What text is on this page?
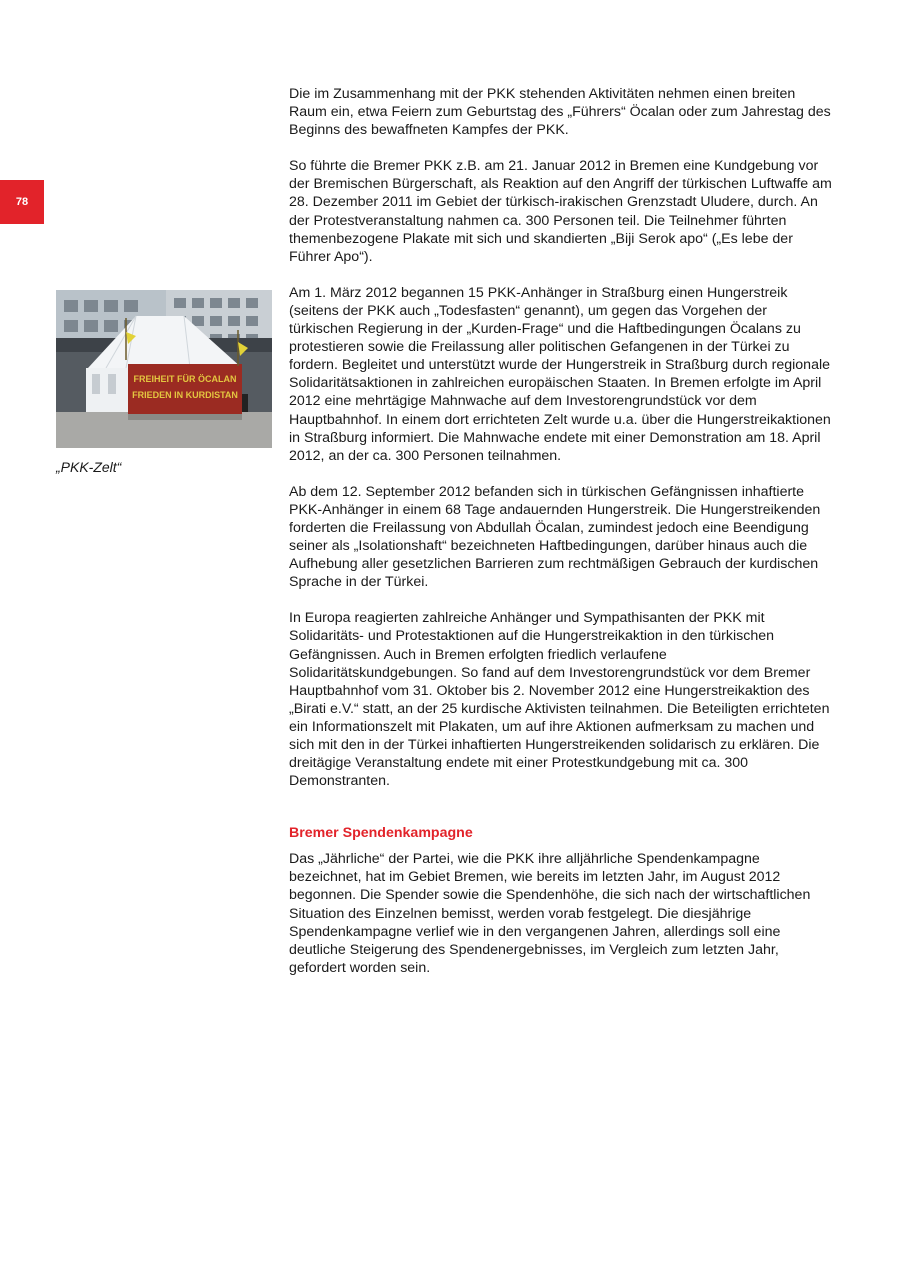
78
FREIHEIT FÜR ÖCALAN
FRIEDEN IN KURDISTAN
„PKK-Zelt“

Die im Zusammenhang mit der PKK stehenden Aktivitäten nehmen einen breiten Raum ein, etwa Feiern zum Geburtstag des „Führers“ Öcalan oder zum Jahrestag des Beginns des bewaffneten Kampfes der PKK.

So führte die Bremer PKK z.B. am 21. Januar 2012 in Bremen eine Kundgebung vor der Bremischen Bürgerschaft, als Reaktion auf den Angriff der türkischen Luftwaffe am 28. Dezember 2011 im Gebiet der türkisch-irakischen Grenzstadt Uludere, durch. An der Protestveranstaltung nahmen ca. 300 Personen teil. Die Teilnehmer führten themenbezogene Plakate mit sich und skandierten „Biji Serok apo“ („Es lebe der Führer Apo“).

Am 1. März 2012 begannen 15 PKK-Anhänger in Straßburg einen Hungerstreik (seitens der PKK auch „Todesfasten“ genannt), um gegen das Vorgehen der türkischen Regierung in der „Kurden-Frage“ und die Haftbedingungen Öcalans zu protestieren sowie die Freilassung aller politischen Gefangenen in der Türkei zu fordern. Begleitet und unterstützt wurde der Hungerstreik in Straßburg durch regionale Solidaritätsaktionen in zahlreichen europäischen Staaten. In Bremen erfolgte im April 2012 eine mehrtägige Mahnwache auf dem Investorengrundstück vor dem Hauptbahnhof. In einem dort errichteten Zelt wurde u.a. über die Hungerstreikaktionen in Straßburg informiert. Die Mahnwache endete mit einer Demonstration am 18. April 2012, an der ca. 300 Personen teilnahmen.

Ab dem 12. September 2012 befanden sich in türkischen Gefängnissen inhaftierte PKK-Anhänger in einem 68 Tage andauernden Hungerstreik. Die Hungerstreikenden forderten die Freilassung von Abdullah Öcalan, zumindest jedoch eine Beendigung seiner als „Isolationshaft“ bezeichneten Haftbedingungen, darüber hinaus auch die Aufhebung aller gesetzlichen Barrieren zum rechtmäßigen Gebrauch der kurdischen Sprache in der Türkei.

In Europa reagierten zahlreiche Anhänger und Sympathisanten der PKK mit Solidaritäts- und Protestaktionen auf die Hungerstreikaktion in den türkischen Gefängnissen. Auch in Bremen erfolgten friedlich verlaufene Solidaritätskundgebungen. So fand auf dem Investorengrundstück vor dem Bremer Hauptbahnhof vom 31. Oktober bis 2. November 2012 eine Hungerstreikaktion des „Birati e.V.“ statt, an der 25 kurdische Aktivisten teilnahmen. Die Beteiligten errichteten ein Informationszelt mit Plakaten, um auf ihre Aktionen aufmerksam zu machen und sich mit den in der Türkei inhaftierten Hungerstreikenden solidarisch zu erklären. Die dreitägige Veranstaltung endete mit einer Protestkundgebung mit ca. 300 Demonstranten.

Bremer Spendenkampagne

Das „Jährliche“ der Partei, wie die PKK ihre alljährliche Spendenkampagne bezeichnet, hat im Gebiet Bremen, wie bereits im letzten Jahr, im August 2012 begonnen. Die Spender sowie die Spendenhöhe, die sich nach der wirtschaftlichen Situation des Einzelnen bemisst, werden vorab festgelegt. Die diesjährige Spendenkampagne verlief wie in den vergangenen Jahren, allerdings soll eine deutliche Steigerung des Spendenergebnisses, im Vergleich zum letzten Jahr, gefordert worden sein.
